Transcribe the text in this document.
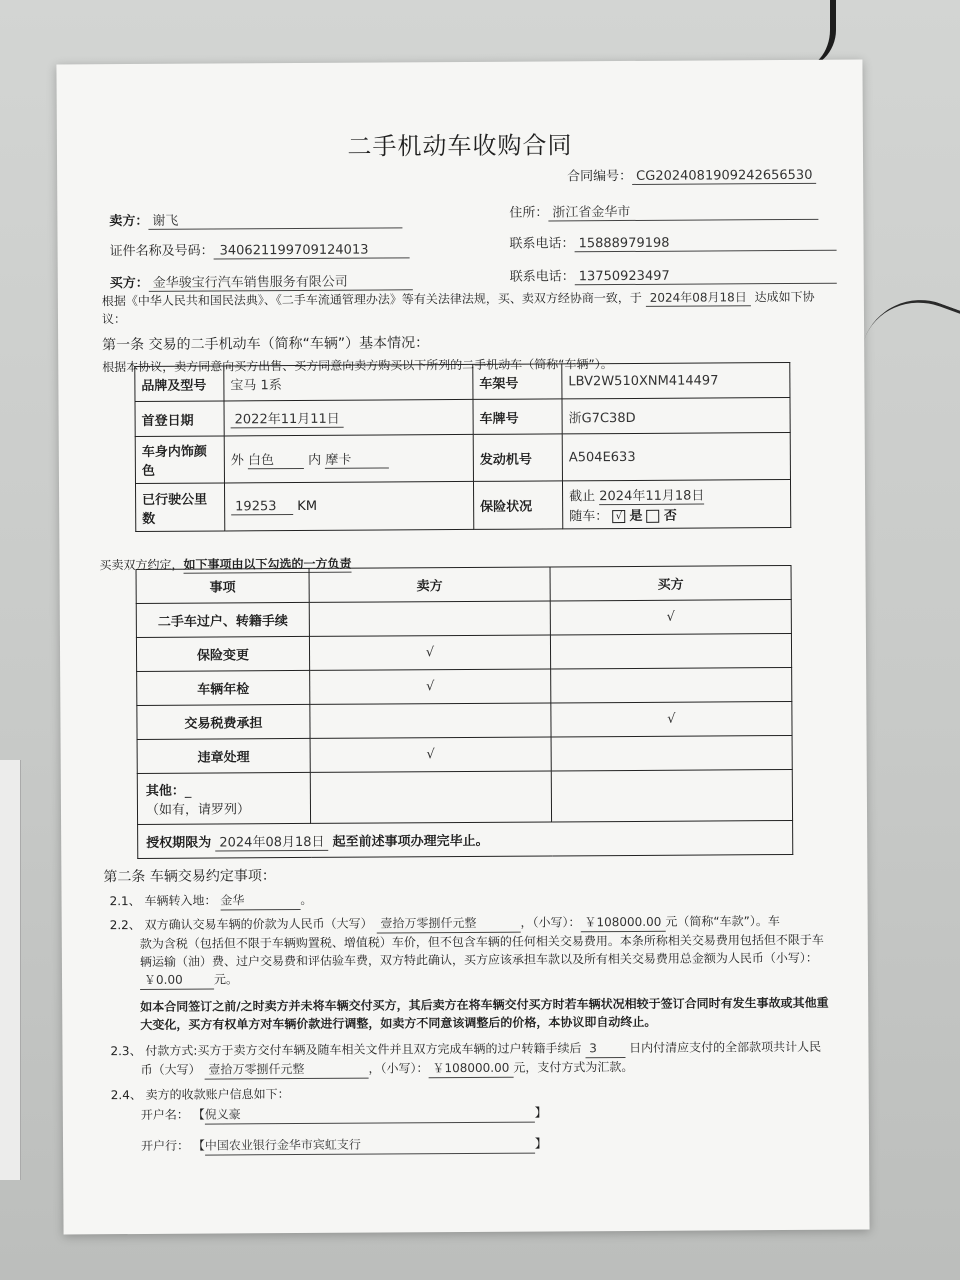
二手机动车收购合同
合同编号： CG2024081909242656530
卖方： 谢飞
住所： 浙江省金华市
证件名称及号码： 340621199709124013	联系电话： 15888979198
买方： 金华骏宝行汽车销售服务有限公司	联系电话： 13750923497
根据《中华人民共和国民法典》、《二手车流通管理办法》等有关法律法规，买、卖双方经协商一致，于 2024年08月18日 达成如下协
议：
第一条 交易的二手机动车（简称“车辆”）基本情况：
根据本协议，卖方同意向买方出售、买方同意向卖方购买以下所列的二手机动车（简称“车辆”）。
品牌及型号	宝马 1系	车架号	LBV2W510XNM414497
首登日期	2022年11月11日	车牌号	浙G7C38D
车身内饰颜色	外 白色 内 摩卡	发动机号	A504E633
已行驶公里数	19253 KM	保险状况	截止 2024年11月18日
随车： √ 是 否
买卖双方约定，如下事项由以下勾选的一方负责
事项	卖方	买方
二手车过户、转籍手续		√
保险变更	√	
车辆年检	√	
交易税费承担		√
违章处理	√	

其他：_
（如有，请罗列）		

授权期限为 2024年08月18日 起至前述事项办理完毕止。		
第二条 车辆交易约定事项：
2.1、 车辆转入地： 金华	。
2.2、 双方确认交易车辆的价款为人民币（大写） 壹拾万零捌仟元整	，（小写）： ￥108000.00 元（简称“车款”）。车
款为含税（包括但不限于车辆购置税、增值税）车价，但不包含车辆的任何相关交易费用。本条所称相关交易费用包括但不限于车
辆运输（油）费、过户交易费和评估验车费，双方特此确认，买方应该承担车款以及所有相关交易费用总金额为人民币（小写）：
￥0.00	元。
如本合同签订之前/之时卖方并未将车辆交付买方，其后卖方在将车辆交付买方时若车辆状况相较于签订合同时有发生事故或其他重
大变化，买方有权单方对车辆价款进行调整，如卖方不同意该调整后的价格，本协议即自动终止。
2.3、 付款方式:买方于卖方交付车辆及随车相关文件并且双方完成车辆的过户转籍手续后 3	日内付清应支付的全部款项共计人民
币（大写） 壹拾万零捌仟元整	，（小写）： ￥108000.00 元，支付方式为汇款。
2.4、 卖方的收款账户信息如下：
开户名： 【倪义豪	】
开户行： 【中国农业银行金华市宾虹支行	】
